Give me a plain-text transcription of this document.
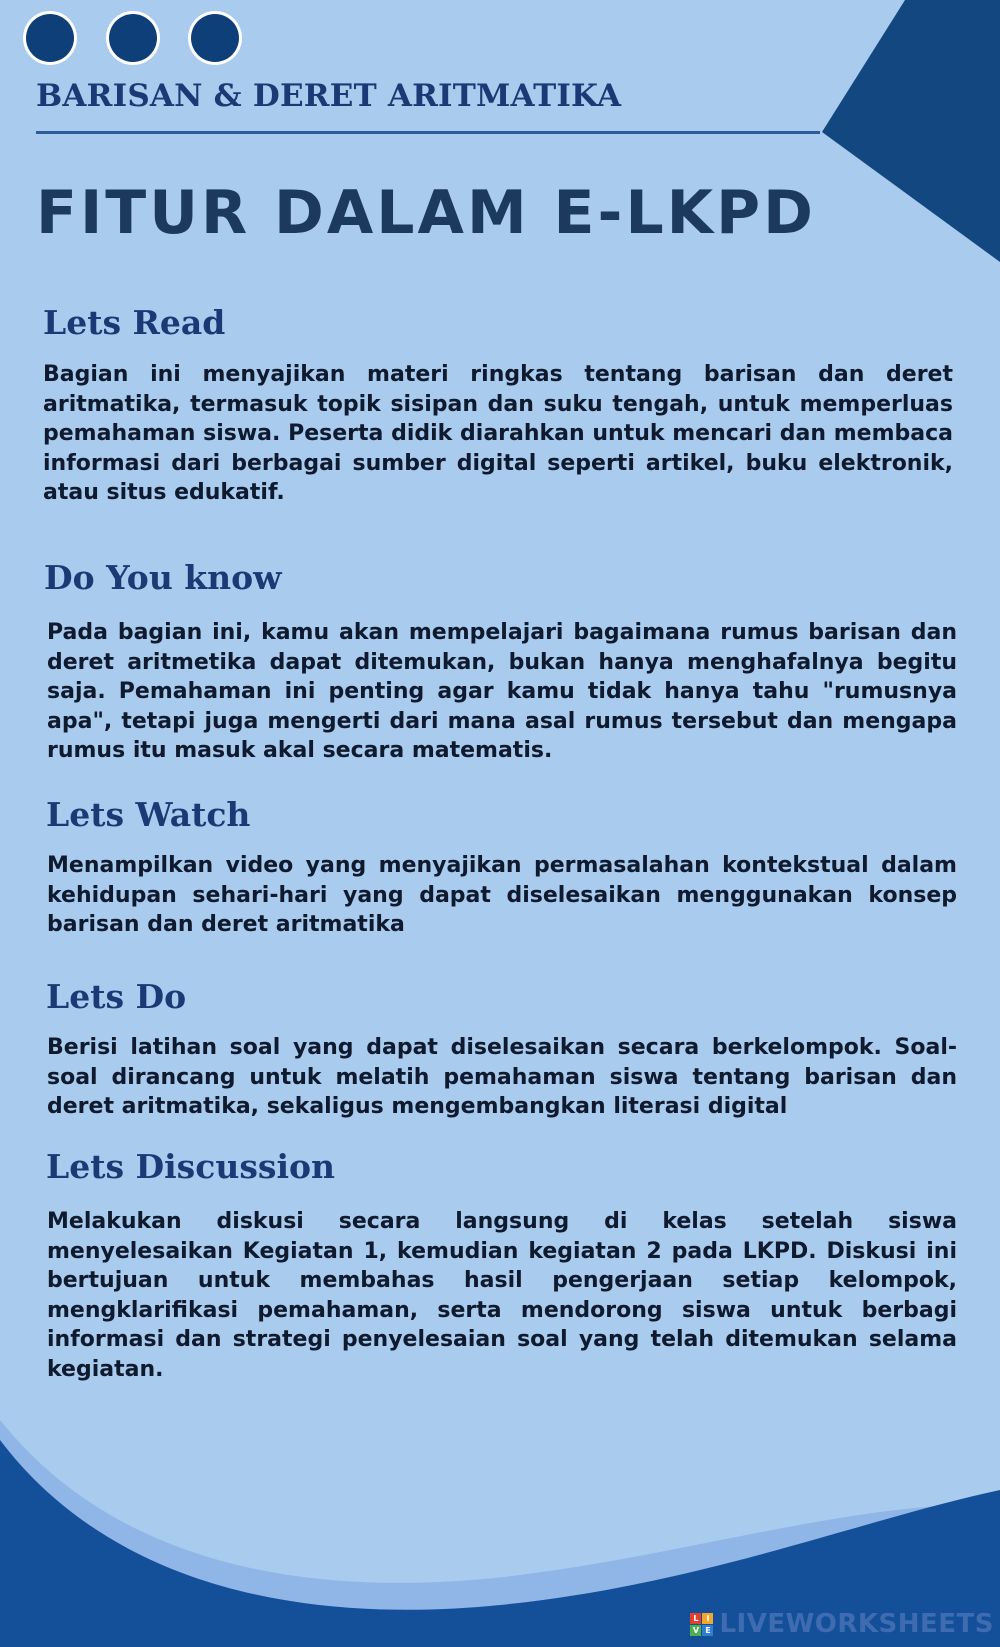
BARISAN & DERET ARITMATIKA
FITUR DALAM E-LKPD
Lets Read

Bagian ini menyajikan materi ringkas tentang barisan dan deret aritmatika, termasuk topik sisipan dan suku tengah, untuk memperluas pemahaman siswa. Peserta didik diarahkan untuk mencari dan membaca informasi dari berbagai sumber digital seperti artikel, buku elektronik, atau situs edukatif.

Do You know

Pada bagian ini, kamu akan mempelajari bagaimana rumus barisan dan deret aritmetika dapat ditemukan, bukan hanya menghafalnya begitu saja. Pemahaman ini penting agar kamu tidak hanya tahu "rumusnya apa", tetapi juga mengerti dari mana asal rumus tersebut dan mengapa rumus itu masuk akal secara matematis.

Lets Watch

Menampilkan video yang menyajikan permasalahan kontekstual dalam kehidupan sehari-hari yang dapat diselesaikan menggunakan konsep barisan dan deret aritmatika

Lets Do

Berisi latihan soal yang dapat diselesaikan secara berkelompok. Soal-soal dirancang untuk melatih pemahaman siswa tentang barisan dan deret aritmatika, sekaligus mengembangkan literasi digital

Lets Discussion

Melakukan diskusi secara langsung di kelas setelah siswa menyelesaikan Kegiatan 1, kemudian kegiatan 2 pada LKPD. Diskusi ini bertujuan untuk membahas hasil pengerjaan setiap kelompok, mengklarifikasi pemahaman, serta mendorong siswa untuk berbagi informasi dan strategi penyelesaian soal yang telah ditemukan selama kegiatan.

L I
V E LIVEWORKSHEETS
